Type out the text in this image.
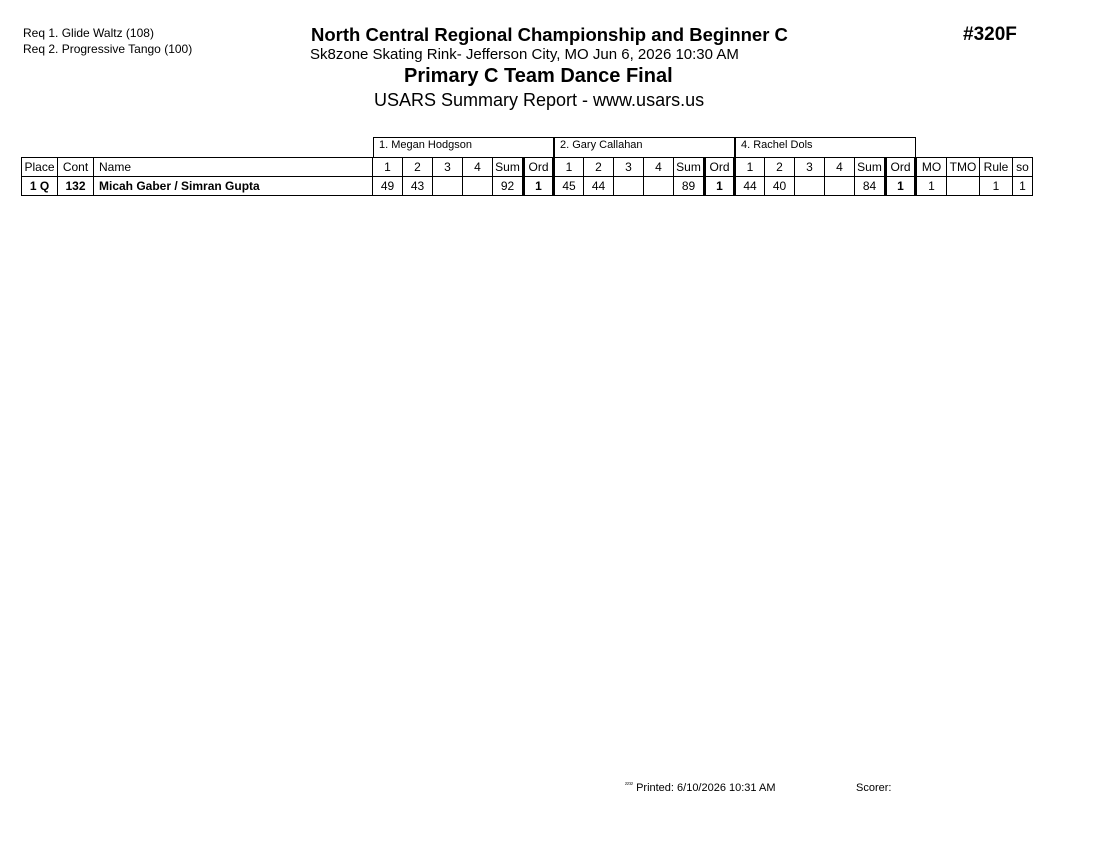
Req 1. Glide Waltz (108)
Req 2. Progressive Tango (100)
North Central Regional Championship and Beginner C
Sk8zone Skating Rink- Jefferson City, MO Jun 6, 2026 10:30 AM
Primary C Team Dance Final
USARS Summary Report - www.usars.us
#320F
1. Megan Hodgson	2. Gary Callahan	4. Rachel Dols
Place	Cont	Name	1	2	3	4	Sum	Ord	1	2	3	4	Sum	Ord	1	2	3	4	Sum	Ord	MO	TMO	Rule	so
1 Q	132	Micah Gaber / Simran Gupta	49	43			92	1	45	44			89	1	44	40			84	1	1		1	1
$^{^{2232}}$ Printed: 6/10/2026 10:31 AM	Scorer:
